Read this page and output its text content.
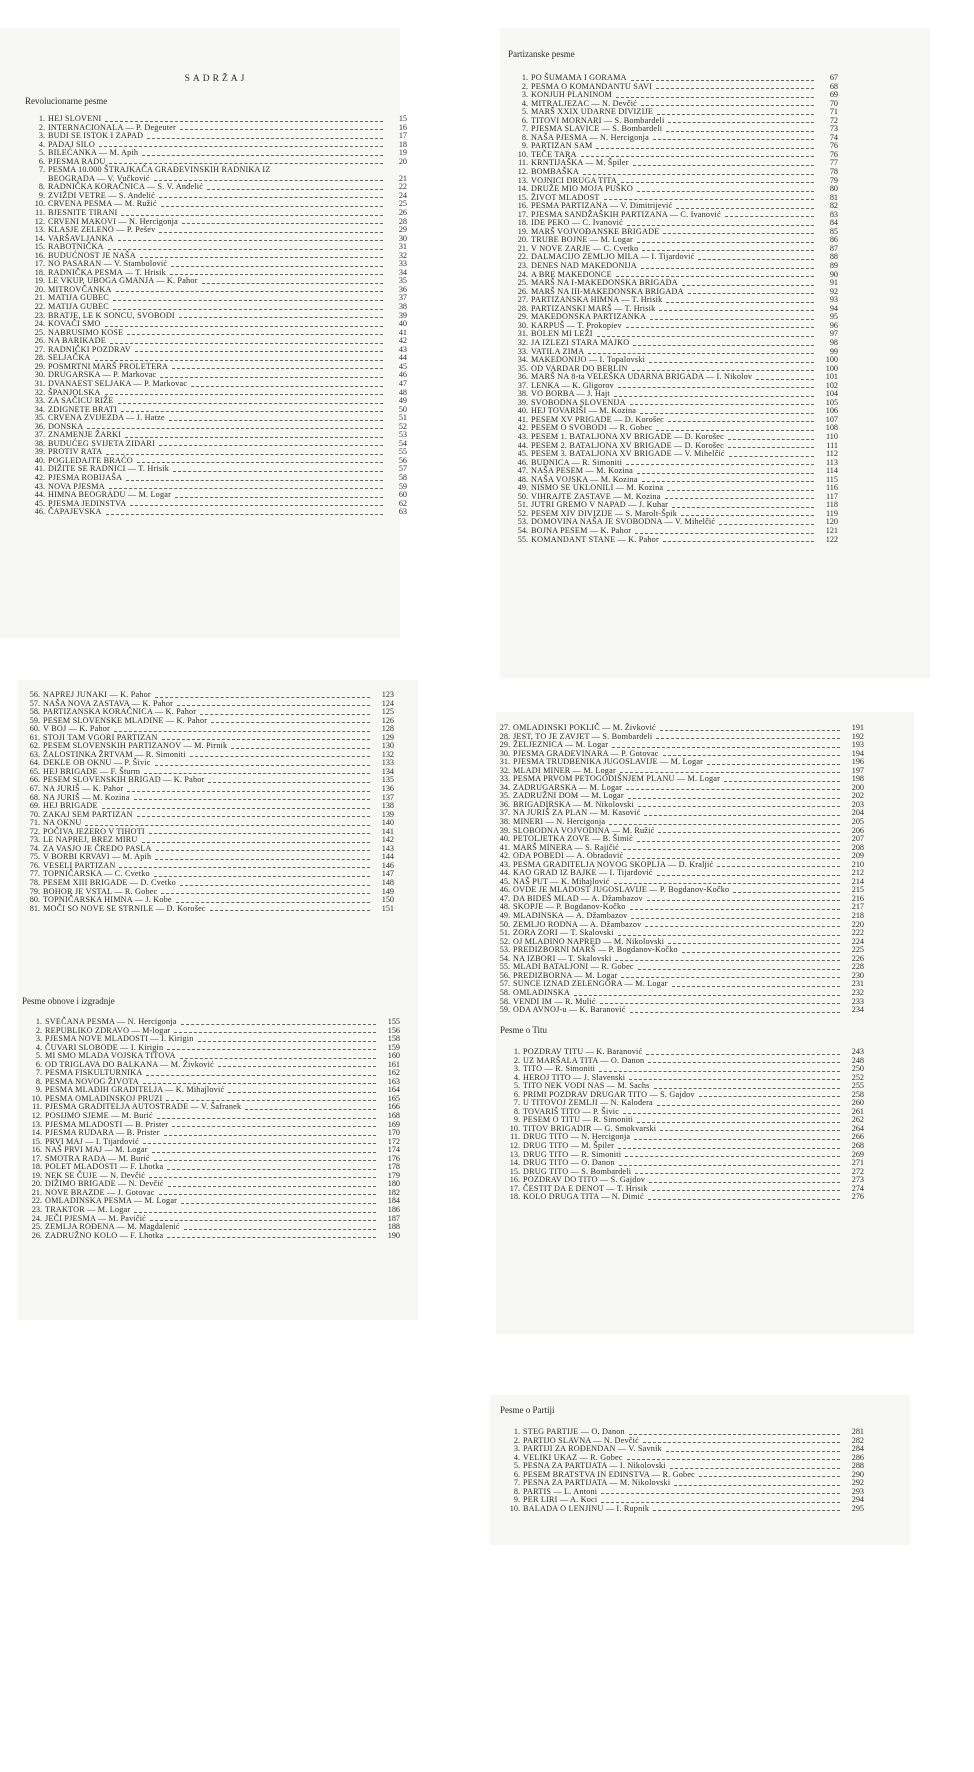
SADRŽAJ
Revolucionarne pesme
1. HEJ SLOVENI	15
2. INTERNACIONALA — P. Degeuter	16
3. BUDI SE ISTOK I ZAPAD	17
4. PADAJ SILO	18
5. BILEĆANKA — M. Apih	19
6. PJESMA RADU	20
7. PESMA 10.000 ŠTRAJKAČA GRAĐEVINSKIH RADNIKA IZ
BEOGRADA — V. Vučković	21
8. RADNIČKA KORAČNICA — S. V. Anđelić	22
9. ZVIŽDI VETRE — S. Anđelić	24
10. CRVENA PESMA — M. Ružić	25
11. BJESNITE TIRANI	26
12. CRVENI MAKOVI — N. Hercigonja	28
13. KLASJE ZELENO — P. Pešev	29
14. VARŠAVLJANKA	30
15. RABOTNIČKA	31
16. BUDUĆNOST JE NAŠA	32
17. NO PASARAN — V. Stambolović	33
18. RADNIČKA PESMA — T. Hrisik	34
19. LE VKUP, UBOGA GMANJA — K. Pahor	35
20. MITROVČANKA	36
21. MATIJA GUBEC	37
22. MATIJA GUBEC	38
23. BRATJE, LE K SONCU, SVOBODI	39
24. KOVAČI SMO	40
25. NABRUSIMO KOSE	41
26. NA BARIKADE	42
27. RADNIČKI POZDRAV	43
28. SELJAČKA	44
29. POSMRTNI MARŠ PROLETERA	45
30. DRUGARSKA — P. Markovac	46
31. DVANAEST SELJAKA — P. Markovac	47
32. ŠPANJOLSKA	48
33. ZA SAČICU RIŽE	49
34. ZDIGNETE BRATI	50
35. CRVENA ZVIJEZDA — J. Hatze	51
36. DONSKA	52
37. ZNAMENJE ŽARKI	53
38. BUDUĆEG SVIJETA ZIDARI	54
39. PROTIV RATA	55
40. POGLEDAJTE BRAĆO	56
41. DIŽITE SE RADNICI — T. Hrisik	57
42. PJESMA ROBIJAŠA	58
43. NOVA PJESMA	59
44. HIMNA BEOGRADU — M. Logar	60
45. PJESMA JEDINSTVA	62
46. ČAPAJEVSKA	63
Partizanske pesme
1. PO ŠUMAMA I GORAMA	67
2. PESMA O KOMANDANTU SAVI	68
3. KONJUH PLANINOM	69
4. MITRALJEZAC — N. Devčić	70
5. MARŠ XXIX UDARNE DIVIZIJE	71
6. TITOVI MORNARI — S. Bombardeli	72
7. PJESMA SLAVICE — S. Bombardeli	73
8. NAŠA PJESMA — N. Hercigonja	74
9. PARTIZAN SAM	76
10. TEČE TARA	76
11. KRNTIJAŠKA — M. Špiler	77
12. BOMBAŠKA	78
13. VOJNICI DRUGA TITA	79
14. DRUŽE MIO MOJA PUŠKO	80
15. ŽIVOT MLADOST	81
16. PESMA PARTIZANA — V. Dimitrijević	82
17. PJESMA SANDŽAŠKIH PARTIZANA — C. Ivanović	83
18. IDE PEKO — C. Ivanović	84
19. MARŠ VOJVOĐANSKE BRIGADE	85
20. TRUBE BOJNE — M. Logar	86
21. V NOVE ZARJE — C. Cvetko	87
22. DALMACIJO ZEMLJO MILA — I. Tijardović	88
23. DENES NAD MAKEDONIJA	89
24. A BRE MAKEDONCE	90
25. MARŠ NA I-MAKEDONSKA BRIGADA	91
26. MARŠ NA III-MAKEDONSKA BRIGADA	92
27. PARTIZANSKA HIMNA — T. Hrisik	93
28. PARTIZANSKI MARŠ — T. Hrisik	94
29. MAKEDONSKA PARTIZANKA	95
30. KARPUŠ — T. Prokopiev	96
31. BOLEN MI LEŽI	97
32. JA IZLEZI STARA MAJKO	98
33. VATILA ZIMA	99
34. MAKEDONIJO — I. Topalovski	100
35. OD VARDAR DO BERLIN	100
36. MARŠ NA 8-ta VELEŠKA UDARNA BRIGADA — I. Nikolov	101
37. LENKA — K. Gligorov	102
38. VO BORBA — J. Hajt	104
39. SVOBODNA SLOVENIJA	105
40. HEJ TOVARIŠI — M. Kozina	106
41. PESEM XV PRIGADE — D. Korošec	107
42. PESEM O SVOBODI — R. Gobec	108
43. PESEM 1. BATALJONA XV BRIGADE — D. Korošec	110
44. PESEM 2. BATALJONA XV BRIGADE — D. Korošec	111
45. PESEM 3. BATALJONA XV BRIGADE — V. Mihelčić	112
46. BUDNICA — R. Simoniti	113
47. NAŠA PESEM — M. Kozina	114
48. NAŠA VOJSKA — M. Kozina	115
49. NISMO SE UKLONILI — M. Kozina	116
50. VIHRAJTE ZASTAVE — M. Kozina	117
51. JUTRI GREMO V NAPAD — J. Kuhar	118
52. PESEM XIV DIVIZIJE — S. Marolt-Špik	119
53. DOMOVINA NAŠA JE SVOBODNA — V. Mihelčić	120
54. BOJNA PESEM — K. Pahor	121
55. KOMANDANT STANE — K. Pahor	122
56. NAPREJ JUNAKI — K. Pahor	123
57. NAŠA NOVA ZASTAVA — K. Pahor	124
58. PARTIZANSKA KORAČNICA — K. Pahor	125
59. PESEM SLOVENSKE MLADINE — K. Pahor	126
60. V BOJ — K. Pahor	128
61. STOJI TAM VGORI PARTIZAN	129
62. PESEM SLOVENSKIH PARTIZANOV — M. Pirnik	130
63. ŽALOSTINKA ŽRTVAM — R. Simoniti	132
64. DEKLE OB OKNU — P. Šivic	133
65. HEJ BRIGADE — F. Šturm	134
66. PESEM SLOVENSKIH BRIGAD — K. Pahor	135
67. NA JURIŠ — K. Pahor	136
68. NA JURIŠ — M. Kozina	137
69. HEJ BRIGADE	138
70. ZAKAJ SEM PARTIZAN	139
71. NA OKNU	140
72. POČIVA JEZERO V TIHOTI	141
73. LE NAPREJ, BREZ MIRU	142
74. ZA VASJO JE ČREDO PASLA	143
75. V BORBI KRVAVI — M. Apih	144
76. VESELI PARTIZAN	146
77. TOPNIČARSKA — C. Cvetko	147
78. PESEM XIII BRIGADE — D. Cvetko	148
79. BOHOR JE VSTAL — R. Gobec	149
80. TOPNIČARSKA HIMNA — J. Kobe	150
81. MOČI SO NOVE SE STRNILE — D. Korošec	151
Pesme obnove i izgradnje
1. SVEČANA PESMA — N. Hercigonja	155
2. REPUBLIKO ZDRAVO — M-logar	156
3. PJESMA NOVE MLADOSTI — I. Kirigin	158
4. ČUVARI SLOBODE — I. Kirigin	159
5. MI SMO MLADA VOJSKA TITOVA	160
6. OD TRIGLAVA DO BALKANA — M. Živković	161
7. PESMA FISKULTURNIKA	162
8. PESMA NOVOG ŽIVOTA	163
9. PESMA MLADIH GRADITELJA — K. Mihajlović	164
10. PESMA OMLADINSKOJ PRUZI	165
11. PJESMA GRADITELJA AUTOSTRADE — V. Šafranek	166
12. POSIJMO SJEME — M. Burić	168
13. PJESMA MLADOSTI — B. Prister	169
14. PJESMA RUDARA — B. Prister	170
15. PRVI MAJ — I. Tijardović	172
16. NAŠ PRVI MAJ — M. Logar	174
17. SMOTRA RADA — M. Burić	176
18. POLET MLADOSTI — F. Lhotka	178
19. NEK SE ČUJE — N. Devčić	179
20. DIŽIMO BRIGADE — N. Devčić	180
21. NOVE BRAZDE — J. Gotovac	182
22. OMLADINSKA PESMA — M. Logar	184
23. TRAKTOR — M. Logar	186
24. JEČI PJESMA — M. Pavičić	187
25. ZEMLJA ROĐENA — M. Magdalenić	188
26. ZADRUŽNO KOLO — F. Lhotka	190
27. OMLADINSKI POKLIČ — M. Živković	191
28. JEST, TO JE ZAVJET — S. Bombardeli	192
29. ŽELJEZNICA — M. Logar	193
30. PJESMA GRAĐEVINARA — P. Gotovac	194
31. PJESMA TRUDBENIKA JUGOSLAVIJE — M. Logar	196
32. MLADI MINER — M. Logar	197
33. PESMA PRVOM PETOGODIŠNJEM PLANU — M. Logar	198
34. ZADRUGARSKA — M. Logar	200
35. ZADRUŽNI DOM — M. Logar	202
36. BRIGADIRSKA — M. Nikolovski	203
37. NA JURIŠ ZA PLAN — M. Kasović	204
38. MINERI — N. Hercigonja	205
39. SLOBODNA VOJVODINA — M. Ružić	206
40. PETOLJETKA ZOVE — B. Šimić	207
41. MARŠ MINERA — S. Rajičić	208
42. ODA POBEDI — A. Obradović	209
43. PESMA GRADITELJA NOVOG SKOPLJA — D. Kraljić	210
44. KAO GRAD IZ BAJKE — I. Tijardović	212
45. NAŠ PUT — K. Mihajlović	214
46. OVDE JE MLADOST JUGOSLAVIJE — P. Bogdanov-Kočko	215
47. DA BIDEŠ MLAD — A. Džambazov	216
48. SKOPJE — P. Bogdanov-Kočko	217
49. MLADINSKA — A. Džambazov	218
50. ZEMLJO RODNA — A. Džambazov	220
51. ZORA ZORI — T. Skalovski	222
52. OJ MLADINO NAPRED — M. Nikolovski	224
53. PREDIZBORNI MARŠ — P. Bogdanov-Kočko	225
54. NA IZBORI — T. Skalovski	226
55. MLADI BATALJONI — R. Gobec	228
56. PREDIZBORNA — M. Logar	230
57. SUNCE IZNAD ZELENGORA — M. Logar	231
58. OMLADINSKA	232
58. VENDI IM — R. Mulić	233
59. ODA AVNOJ-u — K. Baranović	234
Pesme o Titu
1. POZDRAV TITU — K. Baranović	243
2. UZ MARŠALA TITA — O. Danon	248
3. TITO — R. Simoniti	250
4. HEROJ TITO — J. Slavenski	252
5. TITO NEK VODI NAS — M. Sachs	255
6. PRIMI POZDRAV DRUGAR TITO — S. Gajdov	258
7. U TITOVOJ ZEMLJI — N. Kalođera	260
8. TOVARIŠ TITO — P. Šivic	261
9. PESEM O TITU — R. Simoniti	262
10. TITOV BRIGADIR — G. Smokvarski	264
11. DRUG TITO — N. Hercigonja	266
12. DRUG TITO — M. Špiler	268
13. DRUG TITO — R. Simoniti	269
14. DRUG TITO — O. Danon	271
15. DRUG TITO — S. Bombardeli	272
16. POZDRAV DO TITO — S. Gajdov	273
17. ČESTIT DA E DENOT — T. Hrisik	274
18. KOLO DRUGA TITA — N. Dimić	276
Pesme o Partiji
1. STEG PARTIJE — O. Danon	281
2. PARTIJO SLAVNA — N. Devčić	282
3. PARTIJI ZA ROĐENDAN — V. Savnik	284
4. VELIKI UKAZ — R. Gobec	286
5. PESNA ZA PARTIJATA — I. Nikolovski	288
6. PESEM BRATSTVA IN EDINSTVA — R. Gobec	290
7. PESNA ZA PARTIJATA — M. Nikolovski	292
8. PARTIS — L. Antoni	293
9. PER LIRI — A. Koci	294
10. BALADA O LENJINU — I. Rupnik	295
